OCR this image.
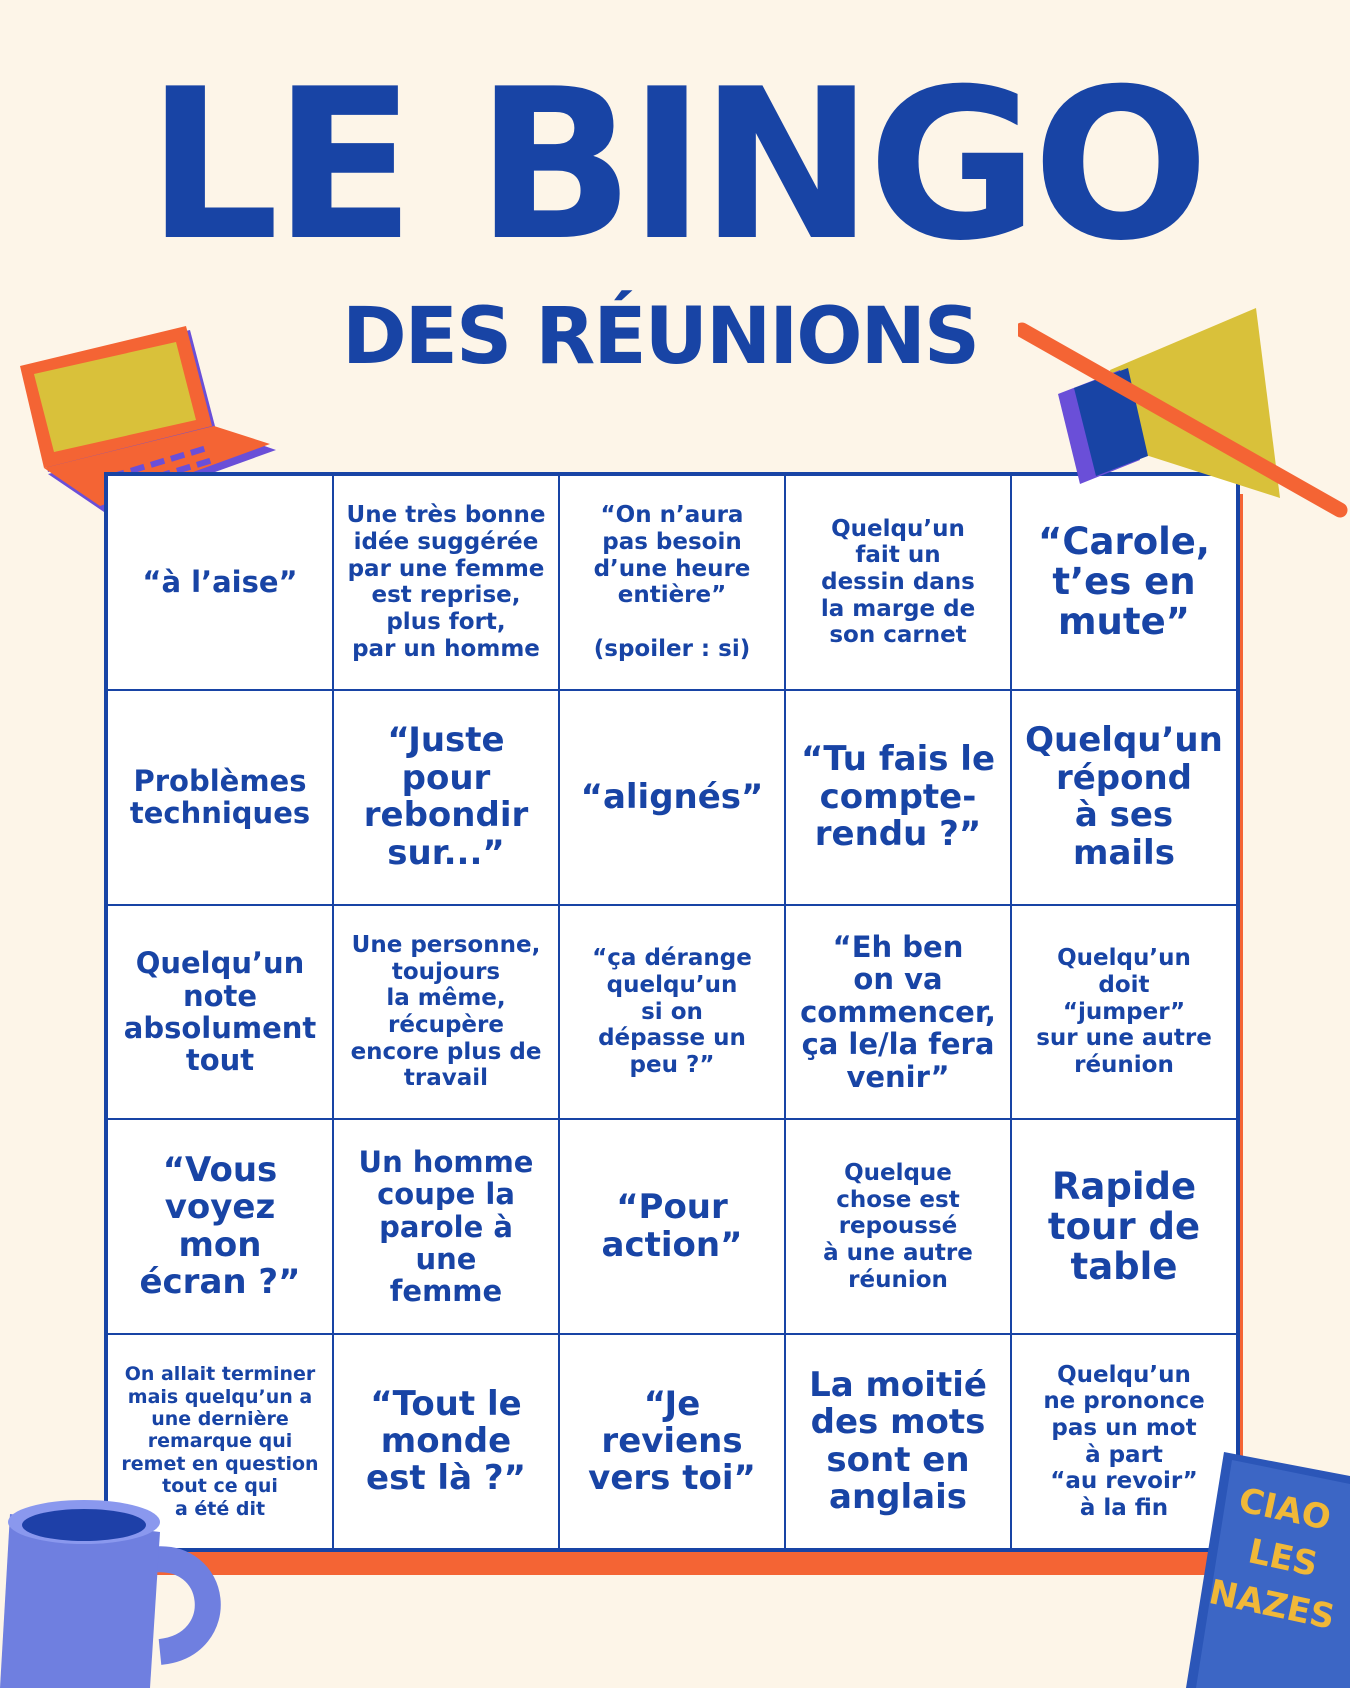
LE BINGO
DES RÉUNIONS
“à l’aise”
Une très bonne
idée suggérée
par une femme
est reprise,
plus fort,
par un homme
“On n’aura
pas besoin
d’une heure
entière”

(spoiler : si)
Quelqu’un
fait un
dessin dans
la marge de
son carnet
“Carole,
t’es en
mute”
Problèmes
techniques
“Juste
pour
rebondir
sur...”
“alignés”
“Tu fais le
compte-
rendu ?”
Quelqu’un
répond
à ses
mails
Quelqu’un
note
absolument
tout
Une personne,
toujours
la même,
récupère
encore plus de
travail
“ça dérange
quelqu’un
si on
dépasse un
peu ?”
“Eh ben
on va
commencer,
ça le/la fera
venir”
Quelqu’un
doit
“jumper”
sur une autre
réunion
“Vous
voyez
mon
écran ?”
Un homme
coupe la
parole à une
femme
“Pour
action”
Quelque
chose est
repoussé
à une autre
réunion
Rapide
tour de
table
On allait terminer
mais quelqu’un a
une dernière
remarque qui
remet en question
tout ce qui
a été dit
“Tout le
monde
est là ?”
“Je
reviens
vers toi”
La moitié
des mots
sont en
anglais
Quelqu’un
ne prononce
pas un mot
à part
“au revoir”
à la fin	CIAO
LES
NAZES
